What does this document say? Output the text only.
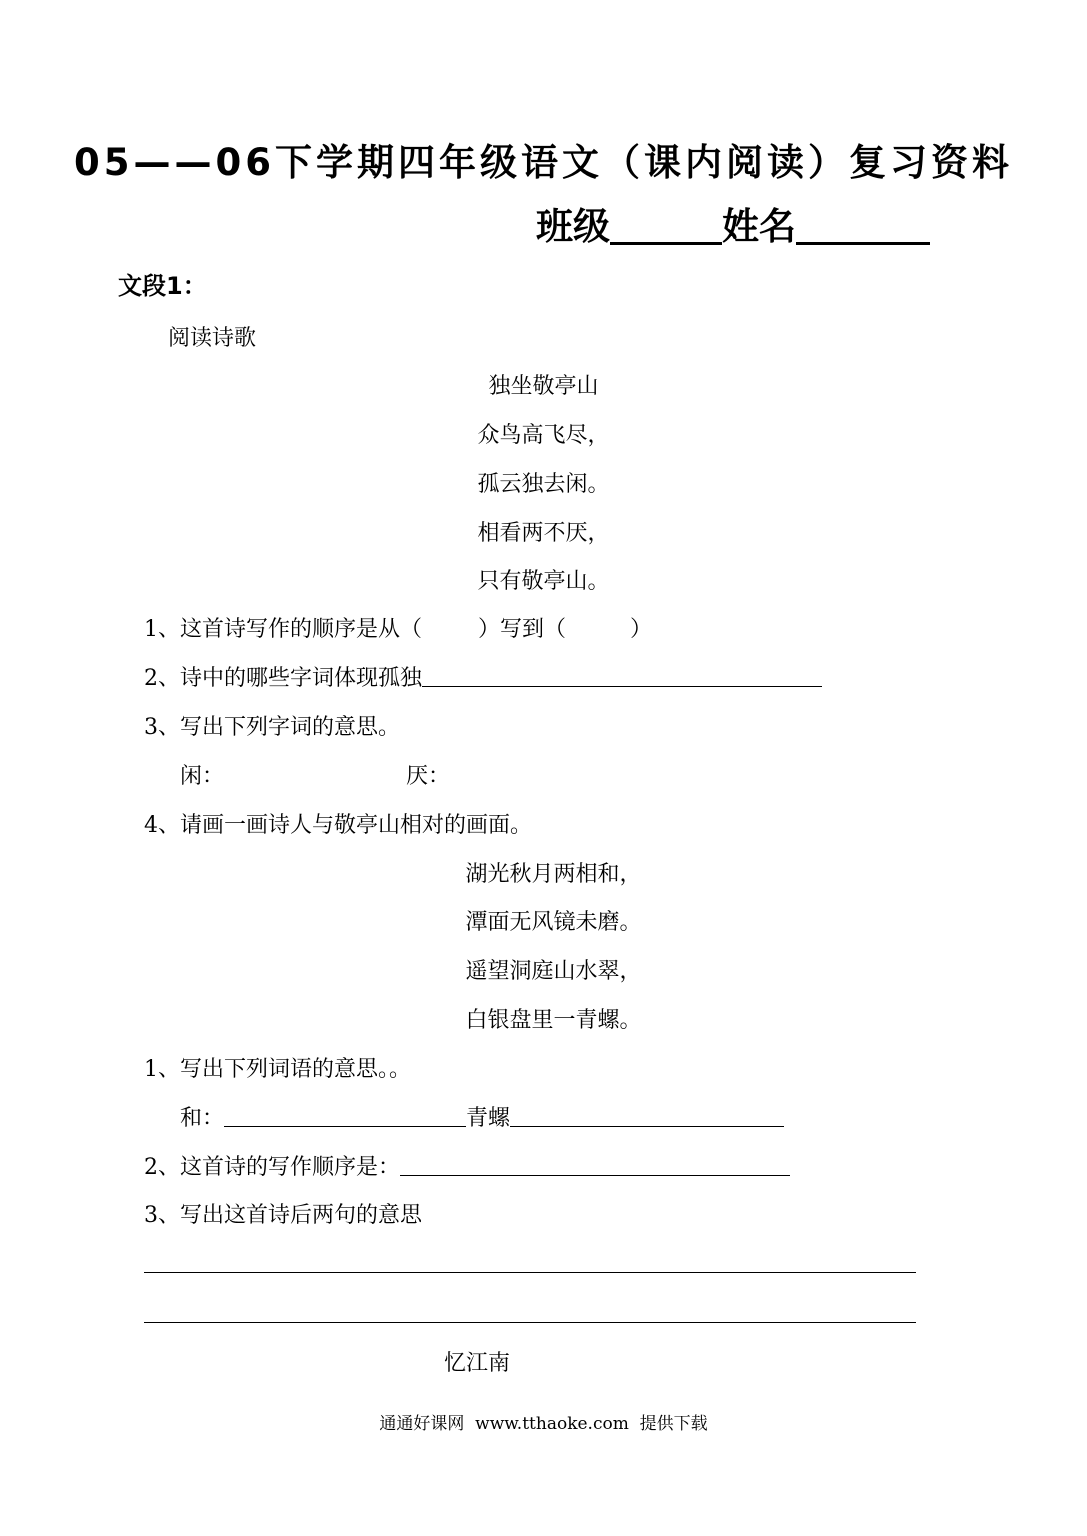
05——06下学期四年级语文（课内阅读）复习资料
班级	姓名
文段1：
阅读诗歌
独坐敬亭山
众鸟高飞尽，
孤云独去闲。
相看两不厌，
只有敬亭山。
1、这首诗写作的顺序是从（	）写到（	）
2、诗中的哪些字词体现孤独
3、写出下列字词的意思。
闲：	厌：
4、请画一画诗人与敬亭山相对的画面。
湖光秋月两相和，
潭面无风镜未磨。
遥望洞庭山水翠，
白银盘里一青螺。
1、写出下列词语的意思。。
和：	青螺
2、这首诗的写作顺序是：
3、写出这首诗后两句的意思
忆江南
通通好课网  www.tthaoke.com  提供下载
